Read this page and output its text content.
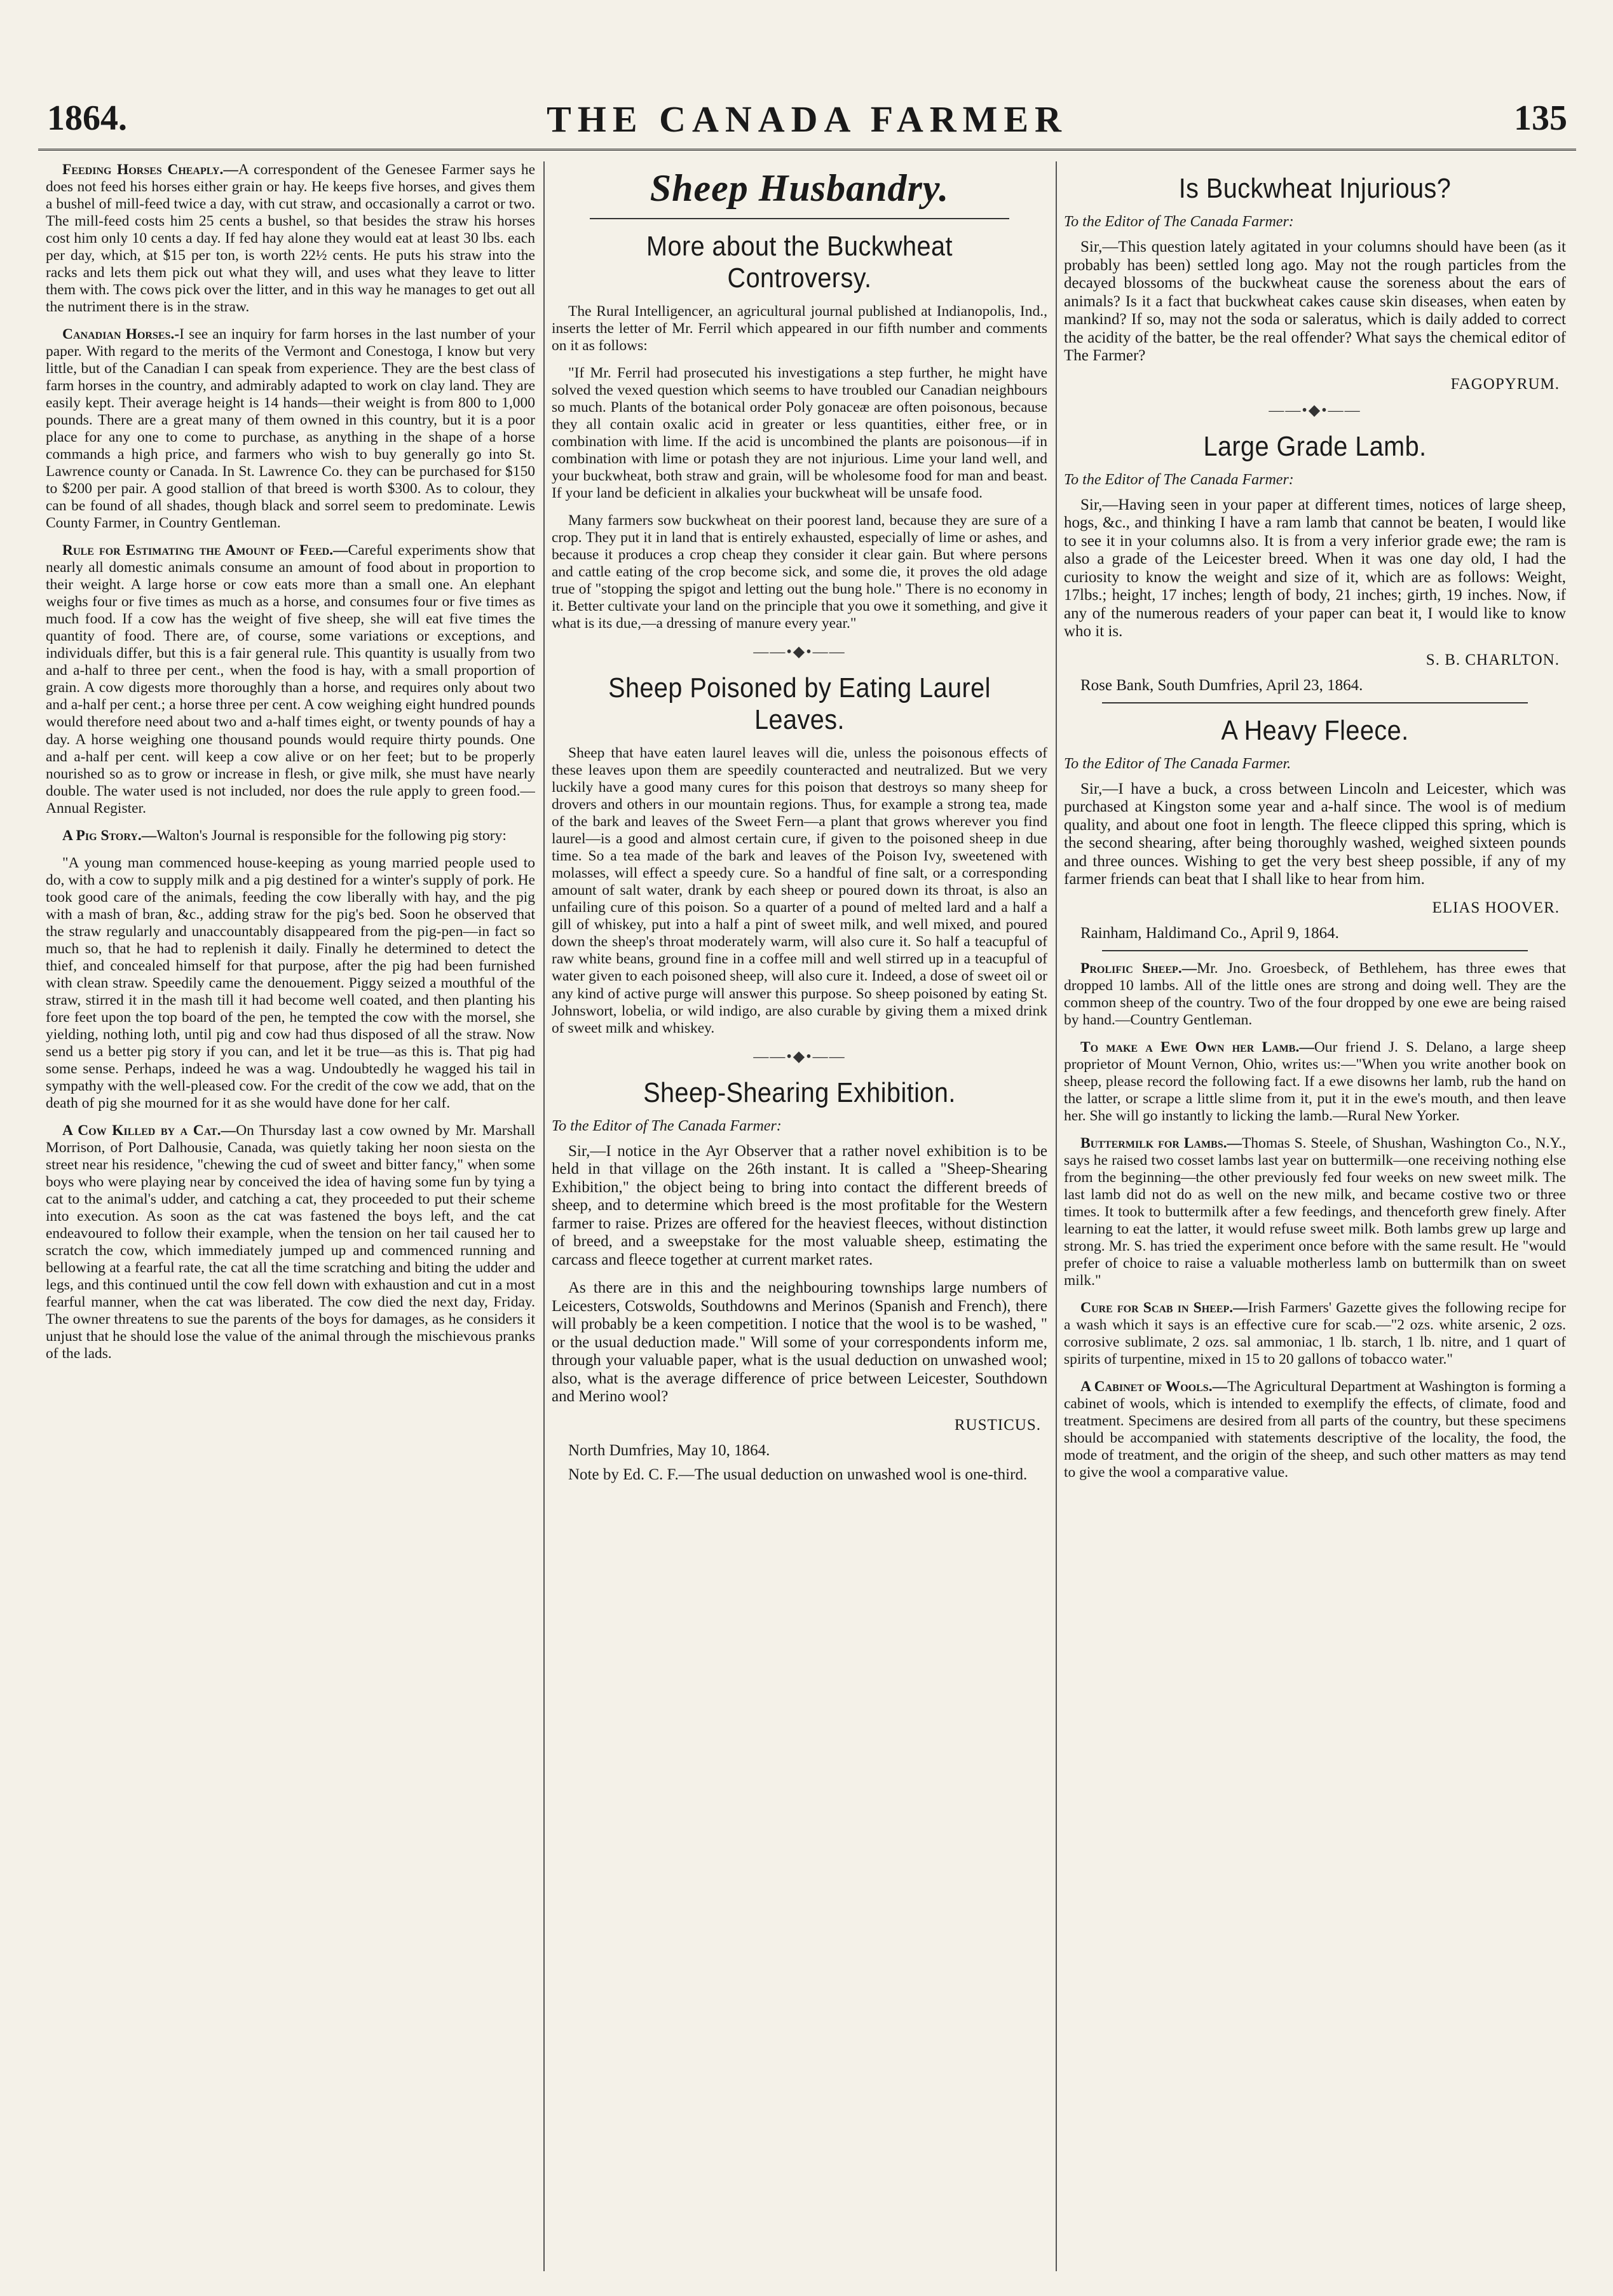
1864.	THE CANADA FARMER	135

Feeding Horses Cheaply.—A correspondent of the Genesee Farmer says he does not feed his horses either grain or hay. He keeps five horses, and gives them a bushel of mill-feed twice a day, with cut straw, and occasionally a carrot or two. The mill-feed costs him 25 cents a bushel, so that besides the straw his horses cost him only 10 cents a day. If fed hay alone they would eat at least 30 lbs. each per day, which, at $15 per ton, is worth 22½ cents. He puts his straw into the racks and lets them pick out what they will, and uses what they leave to litter them with. The cows pick over the litter, and in this way he manages to get out all the nutriment there is in the straw.

Canadian Horses.-I see an inquiry for farm horses in the last number of your paper. With regard to the merits of the Vermont and Conestoga, I know but very little, but of the Canadian I can speak from experience. They are the best class of farm horses in the country, and admirably adapted to work on clay land. They are easily kept. Their average height is 14 hands—their weight is from 800 to 1,000 pounds. There are a great many of them owned in this country, but it is a poor place for any one to come to purchase, as anything in the shape of a horse commands a high price, and farmers who wish to buy generally go into St. Lawrence county or Canada. In St. Lawrence Co. they can be purchased for $150 to $200 per pair. A good stallion of that breed is worth $300. As to colour, they can be found of all shades, though black and sorrel seem to predominate. Lewis County Farmer, in Country Gentleman.

Rule for Estimating the Amount of Feed.—Careful experiments show that nearly all domestic animals consume an amount of food about in proportion to their weight. A large horse or cow eats more than a small one. An elephant weighs four or five times as much as a horse, and consumes four or five times as much food. If a cow has the weight of five sheep, she will eat five times the quantity of food. There are, of course, some variations or exceptions, and individuals differ, but this is a fair general rule. This quantity is usually from two and a-half to three per cent., when the food is hay, with a small proportion of grain. A cow digests more thoroughly than a horse, and requires only about two and a-half per cent.; a horse three per cent. A cow weighing eight hundred pounds would therefore need about two and a-half times eight, or twenty pounds of hay a day. A horse weighing one thousand pounds would require thirty pounds. One and a-half per cent. will keep a cow alive or on her feet; but to be properly nourished so as to grow or increase in flesh, or give milk, she must have nearly double. The water used is not included, nor does the rule apply to green food.—Annual Register.

A Pig Story.—Walton's Journal is responsible for the following pig story:

"A young man commenced house-keeping as young married people used to do, with a cow to supply milk and a pig destined for a winter's supply of pork. He took good care of the animals, feeding the cow liberally with hay, and the pig with a mash of bran, &c., adding straw for the pig's bed. Soon he observed that the straw regularly and unaccountably disappeared from the pig-pen—in fact so much so, that he had to replenish it daily. Finally he determined to detect the thief, and concealed himself for that purpose, after the pig had been furnished with clean straw. Speedily came the denouement. Piggy seized a mouthful of the straw, stirred it in the mash till it had become well coated, and then planting his fore feet upon the top board of the pen, he tempted the cow with the morsel, she yielding, nothing loth, until pig and cow had thus disposed of all the straw. Now send us a better pig story if you can, and let it be true—as this is. That pig had some sense. Perhaps, indeed he was a wag. Undoubtedly he wagged his tail in sympathy with the well-pleased cow. For the credit of the cow we add, that on the death of pig she mourned for it as she would have done for her calf.

A Cow Killed by a Cat.—On Thursday last a cow owned by Mr. Marshall Morrison, of Port Dalhousie, Canada, was quietly taking her noon siesta on the street near his residence, "chewing the cud of sweet and bitter fancy," when some boys who were playing near by conceived the idea of having some fun by tying a cat to the animal's udder, and catching a cat, they proceeded to put their scheme into execution. As soon as the cat was fastened the boys left, and the cat endeavoured to follow their example, when the tension on her tail caused her to scratch the cow, which immediately jumped up and commenced running and bellowing at a fearful rate, the cat all the time scratching and biting the udder and legs, and this continued until the cow fell down with exhaustion and cut in a most fearful manner, when the cat was liberated. The cow died the next day, Friday. The owner threatens to sue the parents of the boys for damages, as he considers it unjust that he should lose the value of the animal through the mischievous pranks of the lads.

Sheep Husbandry.
More about the Buckwheat Controversy.

The Rural Intelligencer, an agricultural journal published at Indianopolis, Ind., inserts the letter of Mr. Ferril which appeared in our fifth number and comments on it as follows:

"If Mr. Ferril had prosecuted his investigations a step further, he might have solved the vexed question which seems to have troubled our Canadian neighbours so much. Plants of the botanical order Poly gonaceæ are often poisonous, because they all contain oxalic acid in greater or less quantities, either free, or in combination with lime. If the acid is uncombined the plants are poisonous—if in combination with lime or potash they are not injurious. Lime your land well, and your buckwheat, both straw and grain, will be wholesome food for man and beast. If your land be deficient in alkalies your buckwheat will be unsafe food.

Many farmers sow buckwheat on their poorest land, because they are sure of a crop. They put it in land that is entirely exhausted, especially of lime or ashes, and because it produces a crop cheap they consider it clear gain. But where persons and cattle eating of the crop become sick, and some die, it proves the old adage true of "stopping the spigot and letting out the bung hole." There is no economy in it. Better cultivate your land on the principle that you owe it something, and give it what is its due,—a dressing of manure every year."

——•◆•——
Sheep Poisoned by Eating Laurel Leaves.

Sheep that have eaten laurel leaves will die, unless the poisonous effects of these leaves upon them are speedily counteracted and neutralized. But we very luckily have a good many cures for this poison that destroys so many sheep for drovers and others in our mountain regions. Thus, for example a strong tea, made of the bark and leaves of the Sweet Fern—a plant that grows wherever you find laurel—is a good and almost certain cure, if given to the poisoned sheep in due time. So a tea made of the bark and leaves of the Poison Ivy, sweetened with molasses, will effect a speedy cure. So a handful of fine salt, or a corresponding amount of salt water, drank by each sheep or poured down its throat, is also an unfailing cure of this poison. So a quarter of a pound of melted lard and a half a gill of whiskey, put into a half a pint of sweet milk, and well mixed, and poured down the sheep's throat moderately warm, will also cure it. So half a teacupful of raw white beans, ground fine in a coffee mill and well stirred up in a teacupful of water given to each poisoned sheep, will also cure it. Indeed, a dose of sweet oil or any kind of active purge will answer this purpose. So sheep poisoned by eating St. Johnswort, lobelia, or wild indigo, are also curable by giving them a mixed drink of sweet milk and whiskey.

——•◆•——
Sheep-Shearing Exhibition.
To the Editor of The Canada Farmer:

Sir,—I notice in the Ayr Observer that a rather novel exhibition is to be held in that village on the 26th instant. It is called a "Sheep-Shearing Exhibition," the object being to bring into contact the different breeds of sheep, and to determine which breed is the most profitable for the Western farmer to raise. Prizes are offered for the heaviest fleeces, without distinction of breed, and a sweepstake for the most valuable sheep, estimating the carcass and fleece together at current market rates.

As there are in this and the neighbouring townships large numbers of Leicesters, Cotswolds, Southdowns and Merinos (Spanish and French), there will probably be a keen competition. I notice that the wool is to be washed, " or the usual deduction made." Will some of your correspondents inform me, through your valuable paper, what is the usual deduction on unwashed wool; also, what is the average difference of price between Leicester, Southdown and Merino wool?

RUSTICUS.
North Dumfries, May 10, 1864.

Note by Ed. C. F.—The usual deduction on unwashed wool is one-third.

Is Buckwheat Injurious?
To the Editor of The Canada Farmer:

Sir,—This question lately agitated in your columns should have been (as it probably has been) settled long ago. May not the rough particles from the decayed blossoms of the buckwheat cause the soreness about the ears of animals? Is it a fact that buckwheat cakes cause skin diseases, when eaten by mankind? If so, may not the soda or saleratus, which is daily added to correct the acidity of the batter, be the real offender? What says the chemical editor of The Farmer?

FAGOPYRUM.
——•◆•——
Large Grade Lamb.
To the Editor of The Canada Farmer:

Sir,—Having seen in your paper at different times, notices of large sheep, hogs, &c., and thinking I have a ram lamb that cannot be beaten, I would like to see it in your columns also. It is from a very inferior grade ewe; the ram is also a grade of the Leicester breed. When it was one day old, I had the curiosity to know the weight and size of it, which are as follows: Weight, 17lbs.; height, 17 inches; length of body, 21 inches; girth, 19 inches. Now, if any of the numerous readers of your paper can beat it, I would like to know who it is.

S. B. CHARLTON.
Rose Bank, South Dumfries, April 23, 1864.
A Heavy Fleece.
To the Editor of The Canada Farmer.

Sir,—I have a buck, a cross between Lincoln and Leicester, which was purchased at Kingston some year and a-half since. The wool is of medium quality, and about one foot in length. The fleece clipped this spring, which is the second shearing, after being thoroughly washed, weighed sixteen pounds and three ounces. Wishing to get the very best sheep possible, if any of my farmer friends can beat that I shall like to hear from him.

ELIAS HOOVER.
Rainham, Haldimand Co., April 9, 1864.

Prolific Sheep.—Mr. Jno. Groesbeck, of Bethlehem, has three ewes that dropped 10 lambs. All of the little ones are strong and doing well. They are the common sheep of the country. Two of the four dropped by one ewe are being raised by hand.—Country Gentleman.

To make a Ewe Own her Lamb.—Our friend J. S. Delano, a large sheep proprietor of Mount Vernon, Ohio, writes us:—"When you write another book on sheep, please record the following fact. If a ewe disowns her lamb, rub the hand on the latter, or scrape a little slime from it, put it in the ewe's mouth, and then leave her. She will go instantly to licking the lamb.—Rural New Yorker.

Buttermilk for Lambs.—Thomas S. Steele, of Shushan, Washington Co., N.Y., says he raised two cosset lambs last year on buttermilk—one receiving nothing else from the beginning—the other previously fed four weeks on new sweet milk. The last lamb did not do as well on the new milk, and became costive two or three times. It took to buttermilk after a few feedings, and thenceforth grew finely. After learning to eat the latter, it would refuse sweet milk. Both lambs grew up large and strong. Mr. S. has tried the experiment once before with the same result. He "would prefer of choice to raise a valuable motherless lamb on buttermilk than on sweet milk."

Cure for Scab in Sheep.—Irish Farmers' Gazette gives the following recipe for a wash which it says is an effective cure for scab.—"2 ozs. white arsenic, 2 ozs. corrosive sublimate, 2 ozs. sal ammoniac, 1 lb. starch, 1 lb. nitre, and 1 quart of spirits of turpentine, mixed in 15 to 20 gallons of tobacco water."

A Cabinet of Wools.—The Agricultural Department at Washington is forming a cabinet of wools, which is intended to exemplify the effects, of climate, food and treatment. Specimens are desired from all parts of the country, but these specimens should be accompanied with statements descriptive of the locality, the food, the mode of treatment, and the origin of the sheep, and such other matters as may tend to give the wool a comparative value.
